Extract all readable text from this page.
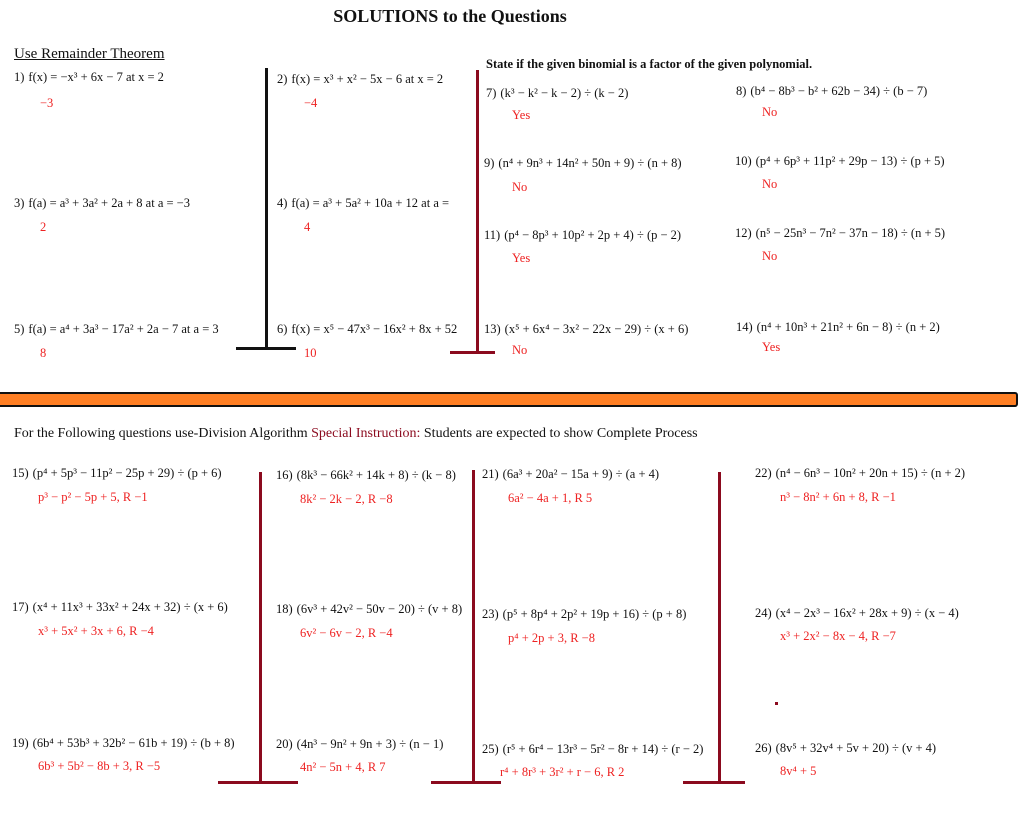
SOLUTIONS to the Questions
Use Remainder Theorem
State if the given binomial is a factor of the given polynomial.
1) f(x) = −x³ + 6x − 7 at x = 2
−3
2) f(x) = x³ + x² − 5x − 6 at x = 2
−4
3) f(a) = a³ + 3a² + 2a + 8 at a = −3
2
4) f(a) = a³ + 5a² + 10a + 12 at a =
4
5) f(a) = a⁴ + 3a³ − 17a² + 2a − 7 at a = 3
8
6) f(x) = x⁵ − 47x³ − 16x² + 8x + 52
10
7) (k³ − k² − k − 2) ÷ (k − 2)
Yes
8) (b⁴ − 8b³ − b² + 62b − 34) ÷ (b − 7)
No
9) (n⁴ + 9n³ + 14n² + 50n + 9) ÷ (n + 8)
No
10) (p⁴ + 6p³ + 11p² + 29p − 13) ÷ (p + 5)
No
11) (p⁴ − 8p³ + 10p² + 2p + 4) ÷ (p − 2)
Yes
12) (n⁵ − 25n³ − 7n² − 37n − 18) ÷ (n + 5)
No
13) (x⁵ + 6x⁴ − 3x² − 22x − 29) ÷ (x + 6)
No
14) (n⁴ + 10n³ + 21n² + 6n − 8) ÷ (n + 2)
Yes
For the Following questions use-Division Algorithm Special Instruction: Students are expected to show Complete Process
15) (p⁴ + 5p³ − 11p² − 25p + 29) ÷ (p + 6)
p³ − p² − 5p + 5, R −1
17) (x⁴ + 11x³ + 33x² + 24x + 32) ÷ (x + 6)
x³ + 5x² + 3x + 6, R −4
19) (6b⁴ + 53b³ + 32b² − 61b + 19) ÷ (b + 8)
6b³ + 5b² − 8b + 3, R −5
16) (8k³ − 66k² + 14k + 8) ÷ (k − 8)
8k² − 2k − 2, R −8
18) (6v³ + 42v² − 50v − 20) ÷ (v + 8)
6v² − 6v − 2, R −4
20) (4n³ − 9n² + 9n + 3) ÷ (n − 1)
4n² − 5n + 4, R 7
21) (6a³ + 20a² − 15a + 9) ÷ (a + 4)
6a² − 4a + 1, R 5
23) (p⁵ + 8p⁴ + 2p² + 19p + 16) ÷ (p + 8)
p⁴ + 2p + 3, R −8
25) (r⁵ + 6r⁴ − 13r³ − 5r² − 8r + 14) ÷ (r − 2)
r⁴ + 8r³ + 3r² + r − 6, R 2
22) (n⁴ − 6n³ − 10n² + 20n + 15) ÷ (n + 2)
n³ − 8n² + 6n + 8, R −1
24) (x⁴ − 2x³ − 16x² + 28x + 9) ÷ (x − 4)
x³ + 2x² − 8x − 4, R −7
26) (8v⁵ + 32v⁴ + 5v + 20) ÷ (v + 4)
8v⁴ + 5
